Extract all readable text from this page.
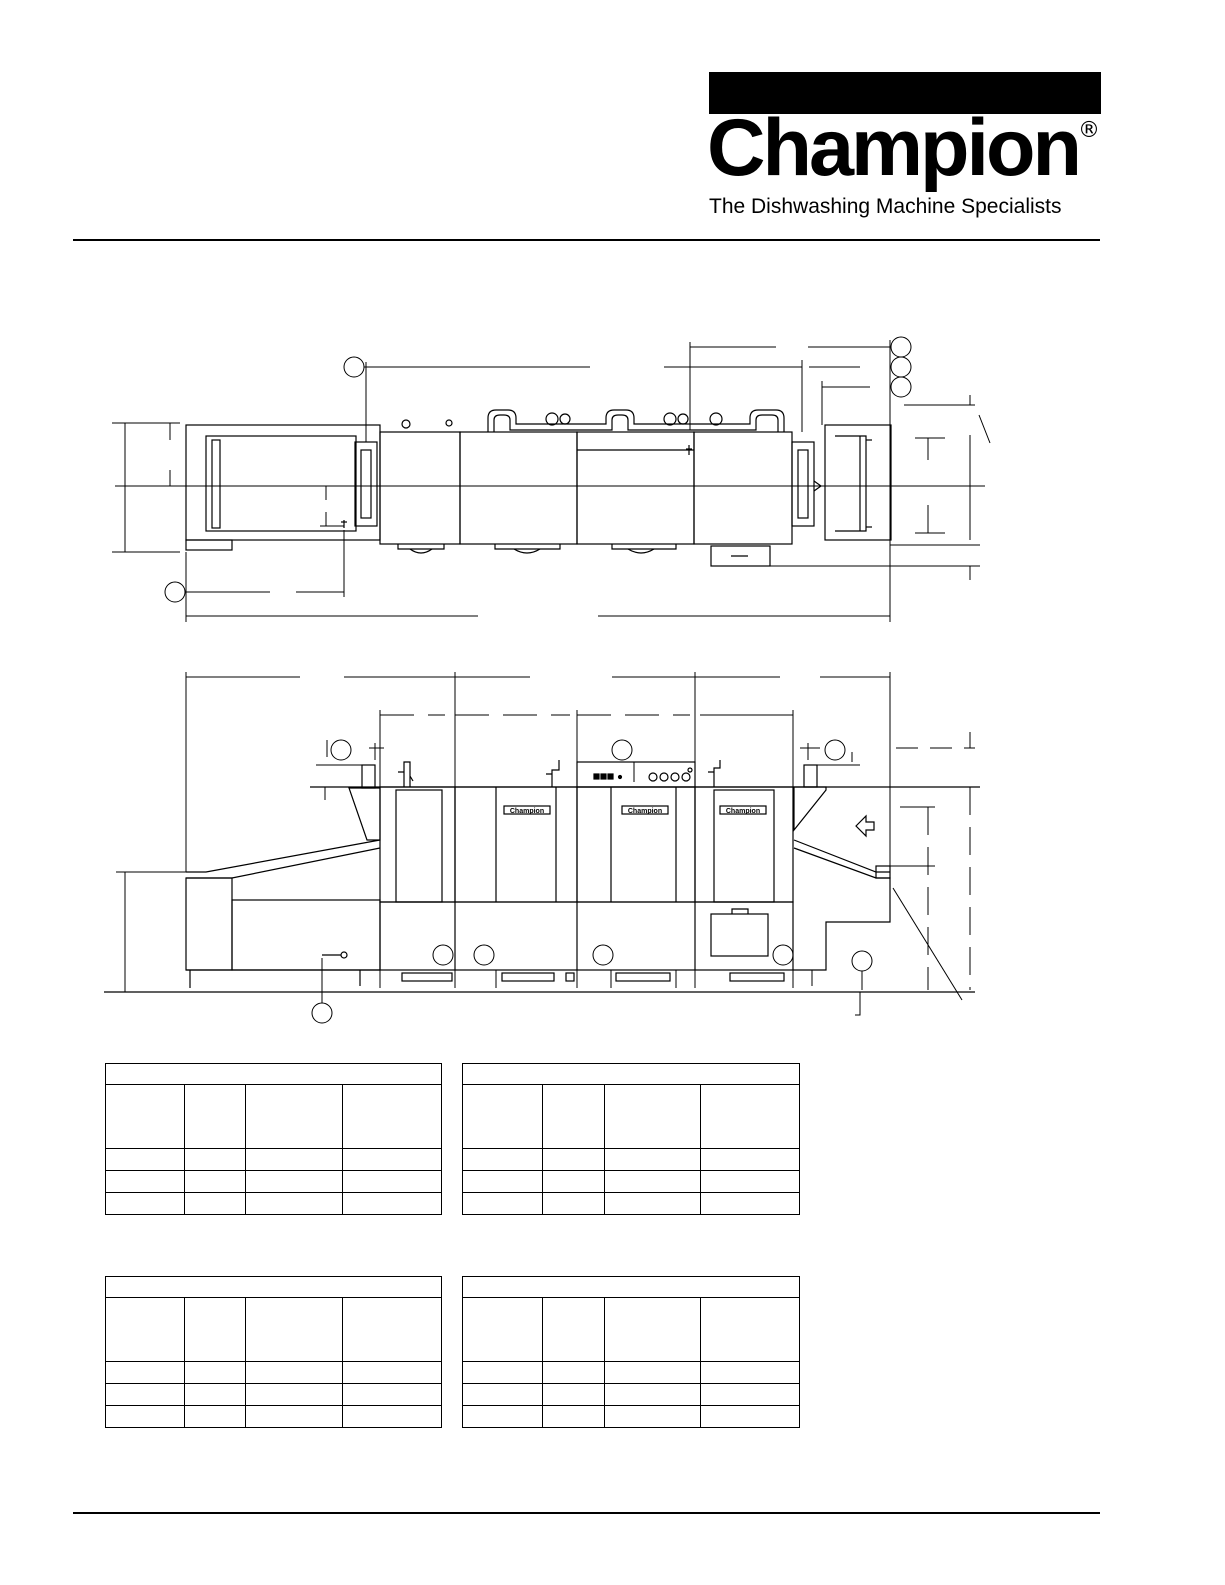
Champion ®
The Dishwashing Machine Specialists
Champion	Champion	Champion
